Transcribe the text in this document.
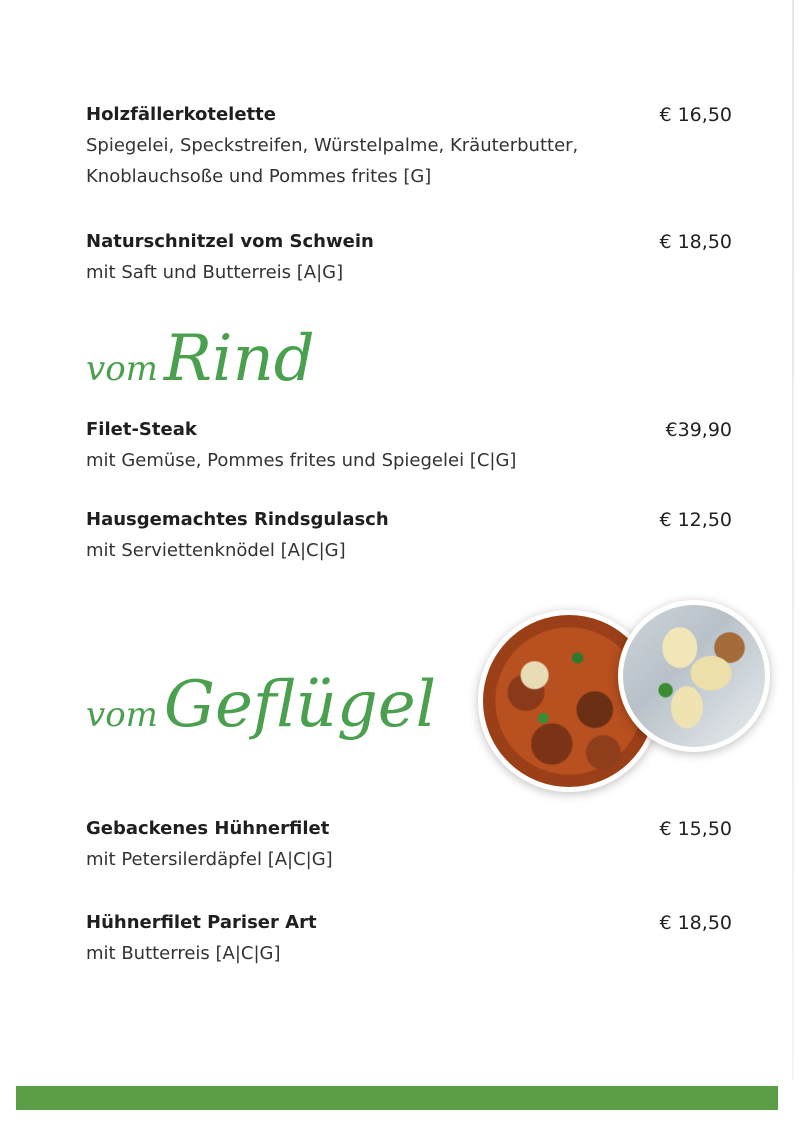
Holzfällerkotelette
Spiegelei, Speckstreifen, Würstelpalme, Kräuterbutter,
Knoblauchsoße und Pommes frites [G]
€ 16,50
Naturschnitzel vom Schwein
mit Saft und Butterreis [A|G]
€ 18,50
vomRind
Filet-Steak
mit Gemüse, Pommes frites und Spiegelei [C|G]
€39,90
Hausgemachtes Rindsgulasch
mit Serviettenknödel [A|C|G]
€ 12,50
vomGeflügel
Gebackenes Hühnerfilet
mit Petersilerdäpfel [A|C|G]
€ 15,50
Hühnerfilet Pariser Art
mit Butterreis [A|C|G]
€ 18,50
